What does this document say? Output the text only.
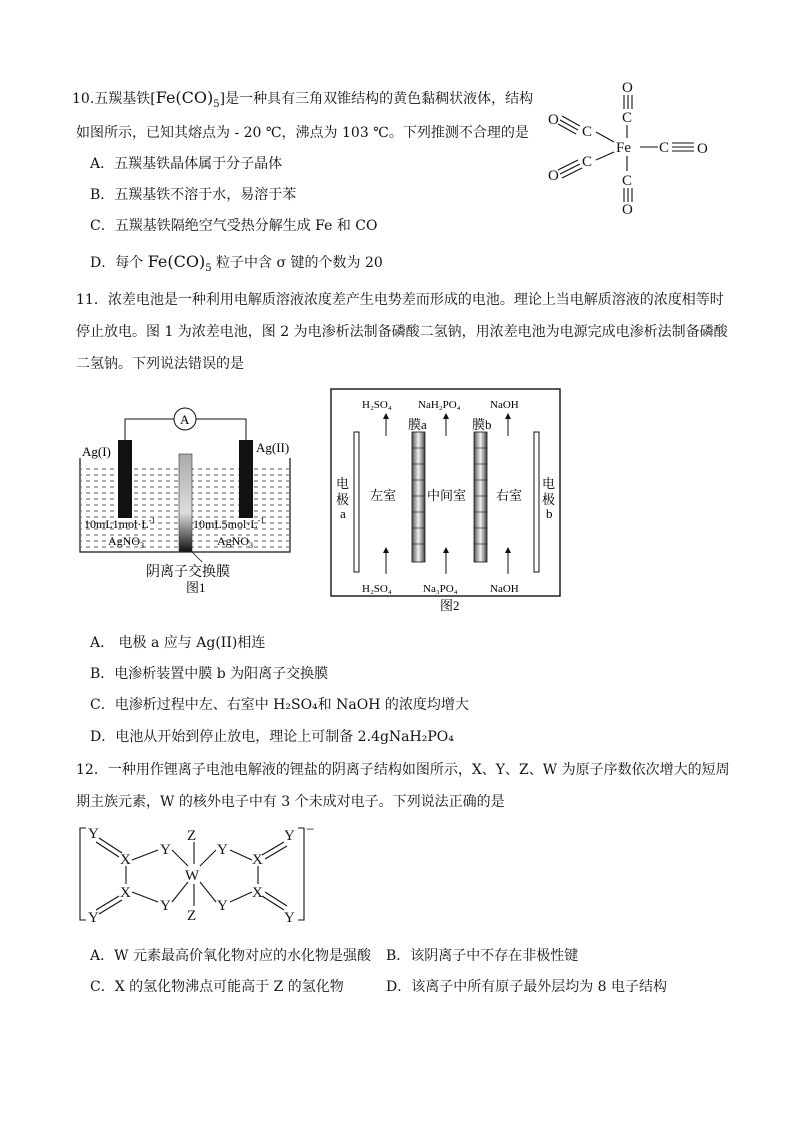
10.五羰基铁$[Fe(CO)_5]$是一种具有三角双锥结构的黄色黏稠状液体，结构
如图所示，已知其熔点为 - 20 ℃，沸点为 103 ℃。下列推测不合理的是
A．五羰基铁晶体属于分子晶体
B．五羰基铁不溶于水，易溶于苯
C．五羰基铁隔绝空气受热分解生成 Fe 和 CO
D．每个 $Fe(CO)_5$ 粒子中含 σ 键的个数为 20
O
C
Fe
C
O
O
C
C
O
O
C
11．浓差电池是一种利用电解质溶液浓度差产生电势差而形成的电池。理论上当电解质溶液的浓度相等时
停止放电。图 1 为浓差电池，图 2 为电渗析法制备磷酸二氢钠，用浓差电池为电源完成电渗析法制备磷酸
二氢钠。下列说法错误的是
A
Ag(I)	Ag(II)
$10mL1mol\cdot L^{-1}$
AgNO$_3$
$10mL5mol\cdot L^{-1}$
AgNO$_3$
阴离子交换膜
图1
H₂SO₄ NaH₂PO₄	NaOH
H₂SO₄	Na₃PO₄	NaOH
膜a	膜b
电
极
a
电
极
b
左室 中间室 右室
图2
A． 电极 a 应与 Ag(II)相连
B．电渗析装置中膜 b 为阳离子交换膜
C．电渗析过程中左、右室中 H₂SO₄和 NaOH 的浓度均增大
D．电池从开始到停止放电，理论上可制备 2.4gNaH₂PO₄
12．一种用作锂离子电池电解液的锂盐的阴离子结构如图所示，X、Y、Z、W 为原子序数依次增大的短周
期主族元素，W 的核外电子中有 3 个未成对电子。下列说法正确的是
Y
X
Y
Z
W
X
Y
Y	Z
Y
X
Y
X
Y
Y
−
A．W 元素最高价氧化物对应的水化物是强酸 B．该阴离子中不存在非极性键
C．X 的氢化物沸点可能高于 Z 的氢化物	D．该离子中所有原子最外层均为 8 电子结构
